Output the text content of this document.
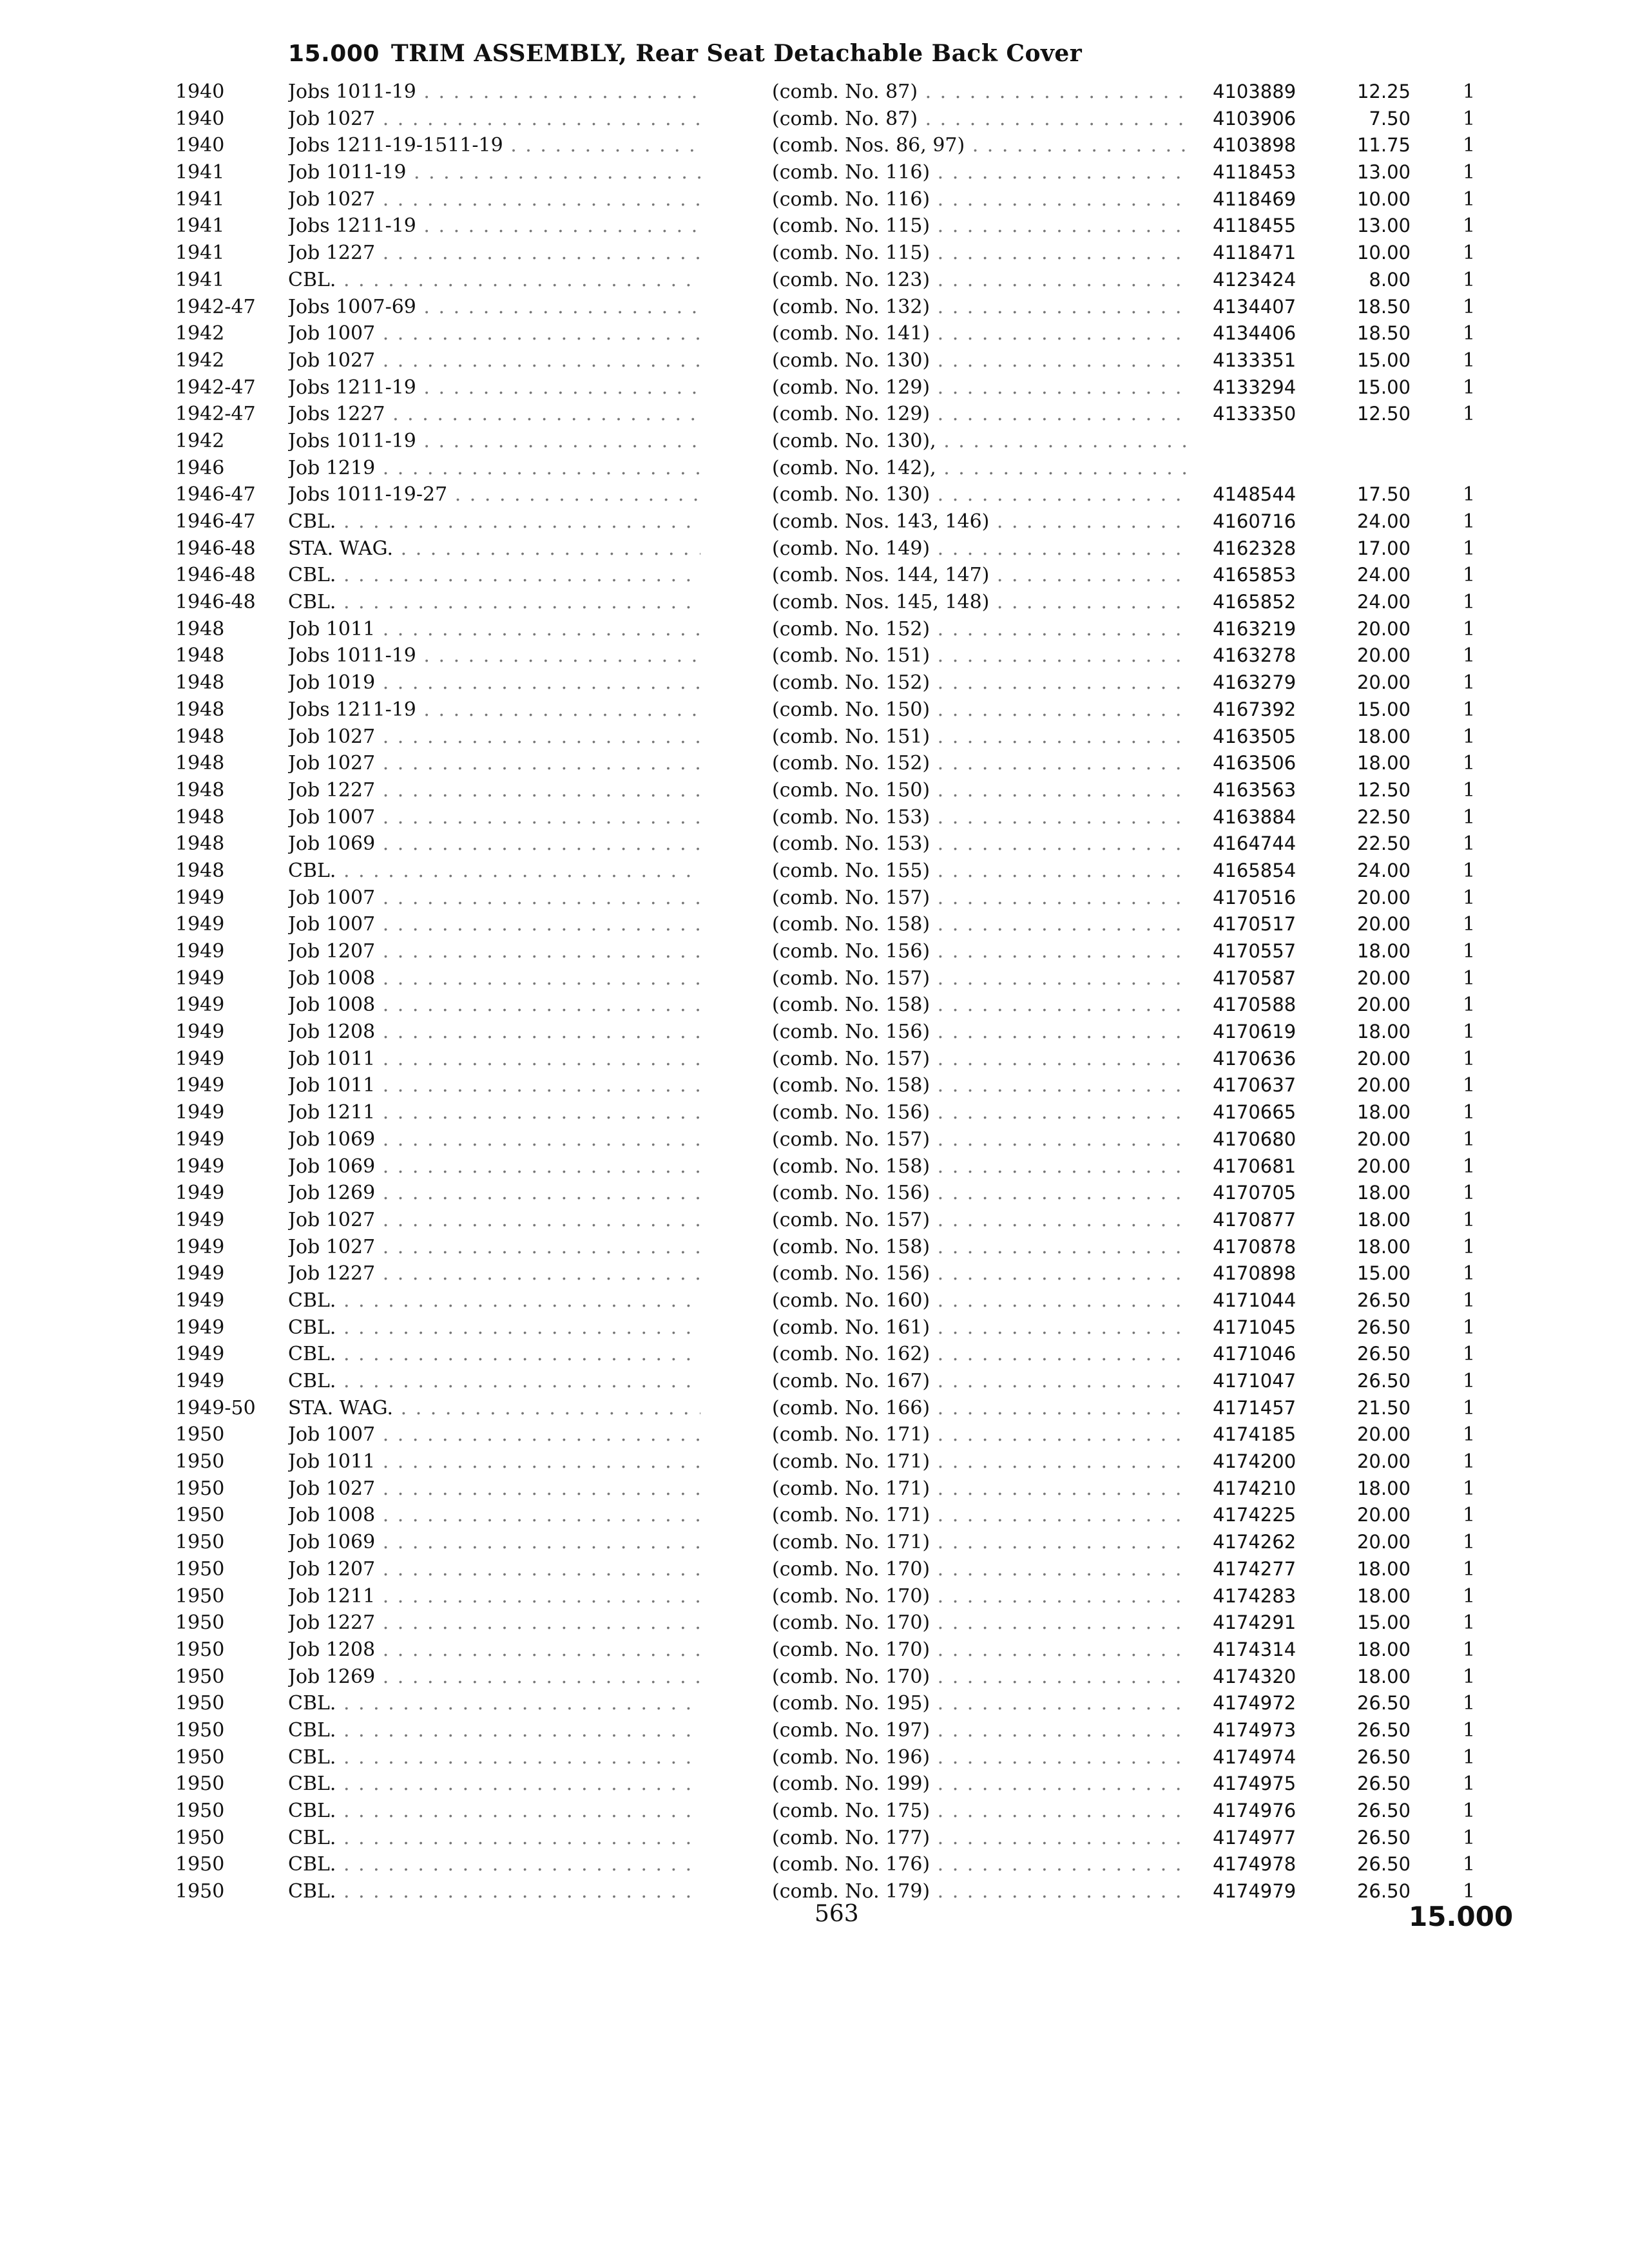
15.000 TRIM ASSEMBLY, Rear Seat Detachable Back Cover
1940	Jobs 1011-19 . . .	(comb. No. 87) . . .	4103889	12.25	1
1940	Job 1027 . . .	(comb. No. 87) . . .	4103906	7.50	1
1940	Jobs 1211-19-1511-19 . . .	(comb. Nos. 86, 97) . . .	4103898	11.75	1
1941	Job 1011-19 . . .	(comb. No. 116) . . .	4118453	13.00	1
1941	Job 1027 . . .	(comb. No. 116) . . .	4118469	10.00	1
1941	Jobs 1211-19 . . .	(comb. No. 115) . . .	4118455	13.00	1
1941	Job 1227 . . .	(comb. No. 115) . . .	4118471	10.00	1
1941	CBL. . . .	(comb. No. 123) . . .	4123424	8.00	1
1942-47 Jobs 1007-69 . . .	(comb. No. 132) . . .	4134407	18.50	1
1942	Job 1007 . . .	(comb. No. 141) . . .	4134406	18.50	1
1942	Job 1027 . . .	(comb. No. 130) . . .	4133351	15.00	1
1942-47 Jobs 1211-19 . . .	(comb. No. 129) . . .	4133294	15.00	1
1942-47 Jobs 1227 . . .	(comb. No. 129) . . .	4133350	12.50	1
1942	Jobs 1011-19 . . .	(comb. No. 130), . . .
1946	Job 1219 . . .	(comb. No. 142), . . .
1946-47 Jobs 1011-19-27 . . .	(comb. No. 130) . . .	4148544	17.50	1
1946-47 CBL. . . .	(comb. Nos. 143, 146) . . .	4160716	24.00	1
1946-48 STA. WAG. . . .	(comb. No. 149) . . .	4162328	17.00	1
1946-48 CBL. . . .	(comb. Nos. 144, 147) . . .	4165853	24.00	1
1946-48 CBL. . . .	(comb. Nos. 145, 148) . . .	4165852	24.00	1
1948	Job 1011 . . .	(comb. No. 152) . . .	4163219	20.00	1
1948	Jobs 1011-19 . . .	(comb. No. 151) . . .	4163278	20.00	1
1948	Job 1019 . . .	(comb. No. 152) . . .	4163279	20.00	1
1948	Jobs 1211-19 . . .	(comb. No. 150) . . .	4167392	15.00	1
1948	Job 1027 . . .	(comb. No. 151) . . .	4163505	18.00	1
1948	Job 1027 . . .	(comb. No. 152) . . .	4163506	18.00	1
1948	Job 1227 . . .	(comb. No. 150) . . .	4163563	12.50	1
1948	Job 1007 . . .	(comb. No. 153) . . .	4163884	22.50	1
1948	Job 1069 . . .	(comb. No. 153) . . .	4164744	22.50	1
1948	CBL. . . .	(comb. No. 155) . . .	4165854	24.00	1
1949	Job 1007 . . .	(comb. No. 157) . . .	4170516	20.00	1
1949	Job 1007 . . .	(comb. No. 158) . . .	4170517	20.00	1
1949	Job 1207 . . .	(comb. No. 156) . . .	4170557	18.00	1
1949	Job 1008 . . .	(comb. No. 157) . . .	4170587	20.00	1
1949	Job 1008 . . .	(comb. No. 158) . . .	4170588	20.00	1
1949	Job 1208 . . .	(comb. No. 156) . . .	4170619	18.00	1
1949	Job 1011 . . .	(comb. No. 157) . . .	4170636	20.00	1
1949	Job 1011 . . .	(comb. No. 158) . . .	4170637	20.00	1
1949	Job 1211 . . .	(comb. No. 156) . . .	4170665	18.00	1
1949	Job 1069 . . .	(comb. No. 157) . . .	4170680	20.00	1
1949	Job 1069 . . .	(comb. No. 158) . . .	4170681	20.00	1
1949	Job 1269 . . .	(comb. No. 156) . . .	4170705	18.00	1
1949	Job 1027 . . .	(comb. No. 157) . . .	4170877	18.00	1
1949	Job 1027 . . .	(comb. No. 158) . . .	4170878	18.00	1
1949	Job 1227 . . .	(comb. No. 156) . . .	4170898	15.00	1
1949	CBL. . . .	(comb. No. 160) . . .	4171044	26.50	1
1949	CBL. . . .	(comb. No. 161) . . .	4171045	26.50	1
1949	CBL. . . .	(comb. No. 162) . . .	4171046	26.50	1
1949	CBL. . . .	(comb. No. 167) . . .	4171047	26.50	1
1949-50 STA. WAG. . . .	(comb. No. 166) . . .	4171457	21.50	1
1950	Job 1007 . . .	(comb. No. 171) . . .	4174185	20.00	1
1950	Job 1011 . . .	(comb. No. 171) . . .	4174200	20.00	1
1950	Job 1027 . . .	(comb. No. 171) . . .	4174210	18.00	1
1950	Job 1008 . . .	(comb. No. 171) . . .	4174225	20.00	1
1950	Job 1069 . . .	(comb. No. 171) . . .	4174262	20.00	1
1950	Job 1207 . . .	(comb. No. 170) . . .	4174277	18.00	1
1950	Job 1211 . . .	(comb. No. 170) . . .	4174283	18.00	1
1950	Job 1227 . . .	(comb. No. 170) . . .	4174291	15.00	1
1950	Job 1208 . . .	(comb. No. 170) . . .	4174314	18.00	1
1950	Job 1269 . . .	(comb. No. 170) . . .	4174320	18.00	1
1950	CBL. . . .	(comb. No. 195) . . .	4174972	26.50	1
1950	CBL. . . .	(comb. No. 197) . . .	4174973	26.50	1
1950	CBL. . . .	(comb. No. 196) . . .	4174974	26.50	1
1950	CBL. . . .	(comb. No. 199) . . .	4174975	26.50	1
1950	CBL. . . .	(comb. No. 175) . . .	4174976	26.50	1
1950	CBL. . . .	(comb. No. 177) . . .	4174977	26.50	1
1950	CBL. . . .	(comb. No. 176) . . .	4174978	26.50	1
1950	CBL. . . .	(comb. No. 179) . . .	4174979	26.50	1
563	15.000
